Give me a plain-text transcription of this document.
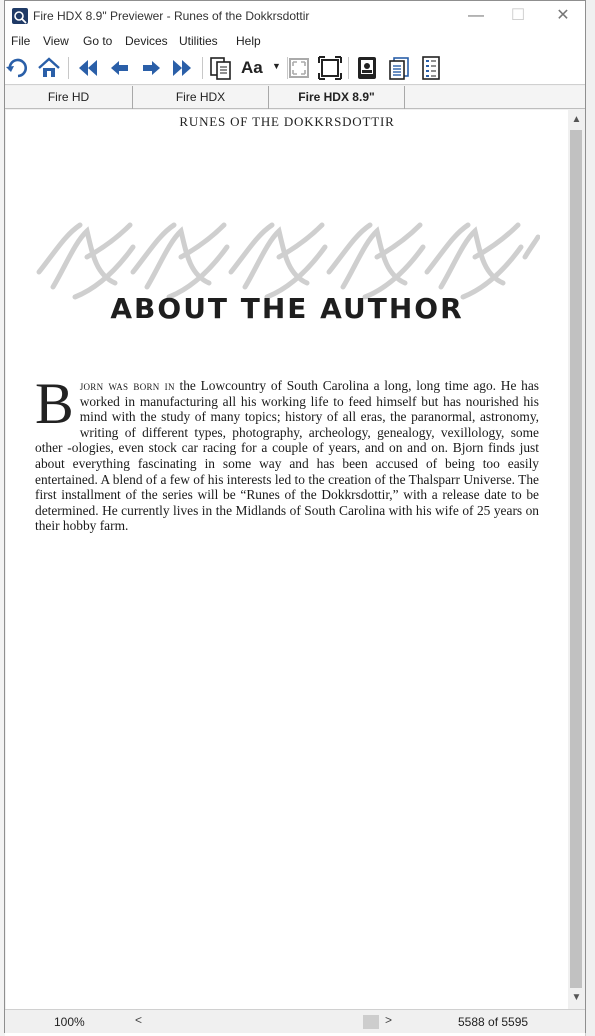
Fire HDX 8.9" Previewer - Runes of the Dokkrsdottir	— ☐ ✕
File View Go to Devices Utilities Help
Aa ▼
Fire HD	Fire HDX	Fire HDX 8.9"
RUNES OF THE DOKKRSDOTTIR
ABOUT THE AUTHOR
Bjorn was born in the Lowcountry of South Carolina a long, long time ago. He has worked in manufacturing all his working life to feed himself but has nourished his mind with the study of many topics; history of all eras, the paranormal, astronomy, writing of different types, photography, archeology, genealogy, vexillology, some other -ologies, even stock car racing for a couple of years, and on and on. Bjorn finds just about everything fascinating in some way and has been accused of being too easily entertained. A blend of a few of his interests led to the creation of the Thalsparr Universe. The first installment of the series will be “Runes of the Dokkrsdottir,” with a release date to be determined. He currently lives in the Midlands of South Carolina with his wife of 25 years on their hobby farm.
▲
▼
100%	<	>	5588 of 5595
